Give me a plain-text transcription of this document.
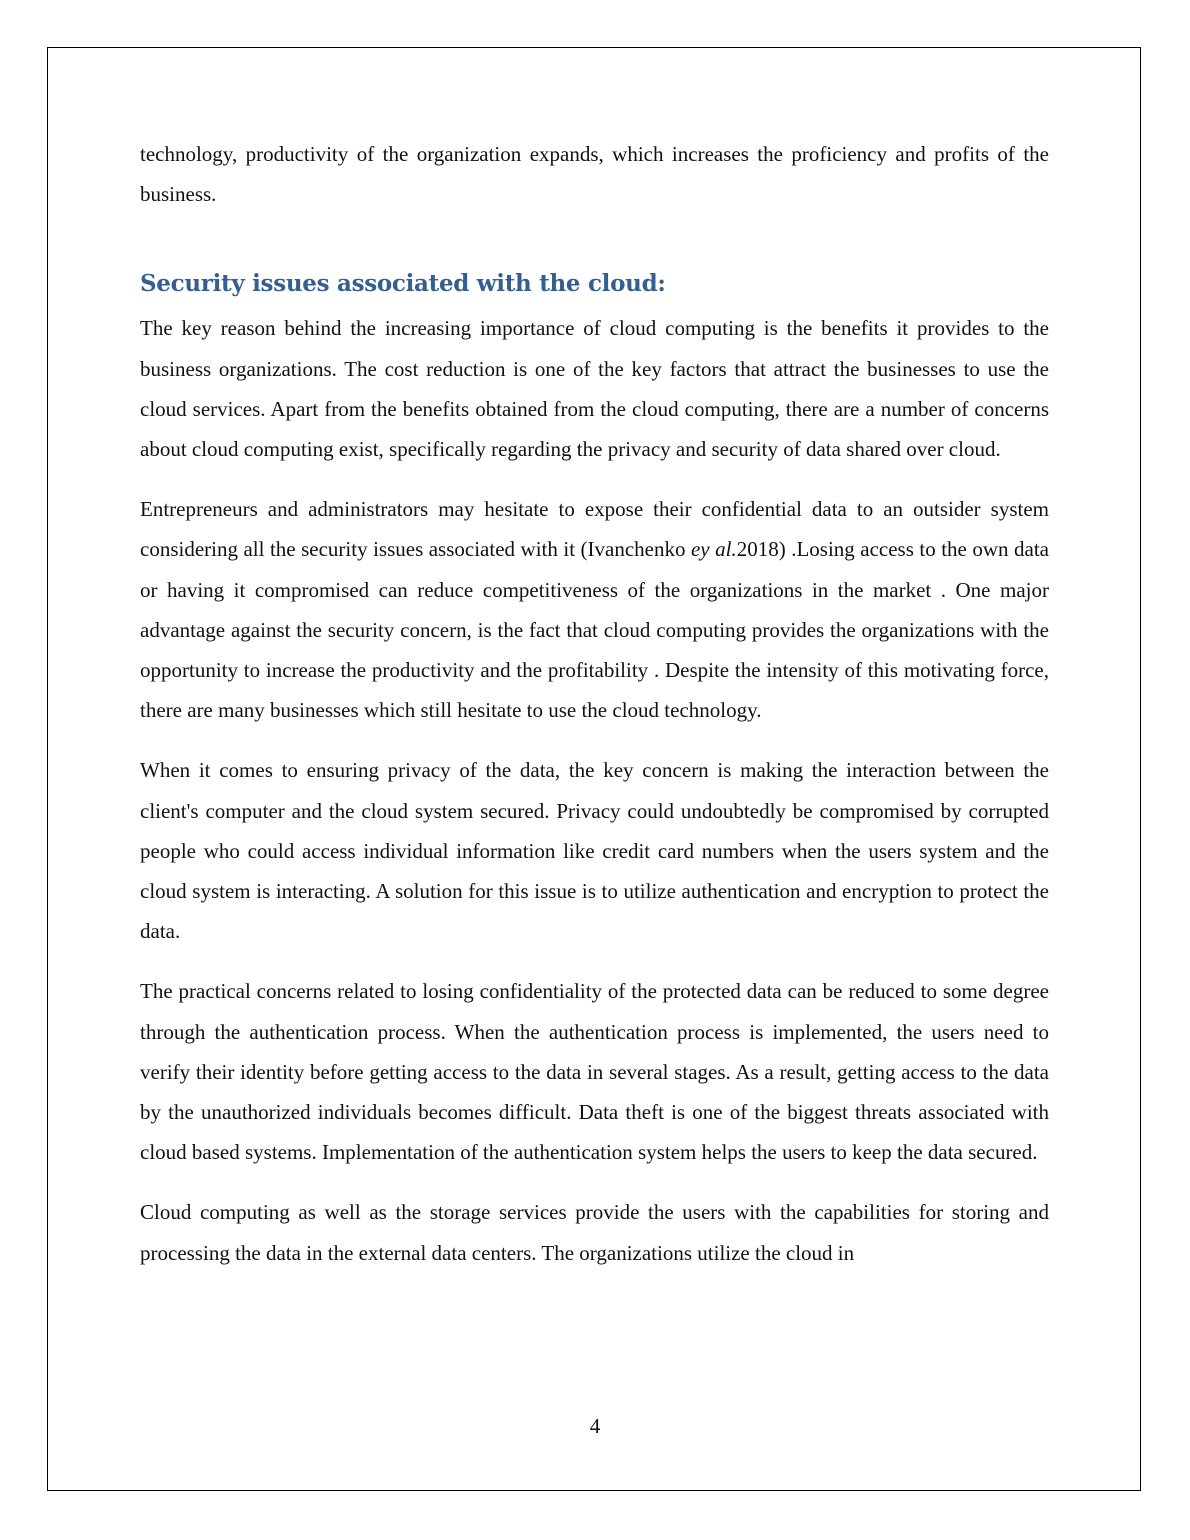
technology, productivity of the organization expands, which increases the proficiency and profits of the business.

Security issues associated with the cloud:

The key reason behind the increasing importance of cloud computing is the benefits it provides to the business organizations. The cost reduction is one of the key factors that attract the businesses to use the cloud services. Apart from the benefits obtained from the cloud computing, there are a number of concerns about cloud computing exist, specifically regarding the privacy and security of data shared over cloud.

Entrepreneurs and administrators may hesitate to expose their confidential data to an outsider system considering all the security issues associated with it (Ivanchenko ey al.2018) .Losing access to the own data or having it compromised can reduce competitiveness of the organizations in the market . One major advantage against the security concern, is the fact that cloud computing provides the organizations with the opportunity to increase the productivity and the profitability . Despite the intensity of this motivating force, there are many businesses which still hesitate to use the cloud technology.

When it comes to ensuring privacy of the data, the key concern is making the interaction between the client's computer and the cloud system secured. Privacy could undoubtedly be compromised by corrupted people who could access individual information like credit card numbers when the users system and the cloud system is interacting. A solution for this issue is to utilize authentication and encryption to protect the data.

The practical concerns related to losing confidentiality of the protected data can be reduced to some degree through the authentication process. When the authentication process is implemented, the users need to verify their identity before getting access to the data in several stages. As a result, getting access to the data by the unauthorized individuals becomes difficult. Data theft is one of the biggest threats associated with cloud based systems. Implementation of the authentication system helps the users to keep the data secured.

Cloud computing as well as the storage services provide the users with the capabilities for storing and processing the data in the external data centers. The organizations utilize the cloud in

4
